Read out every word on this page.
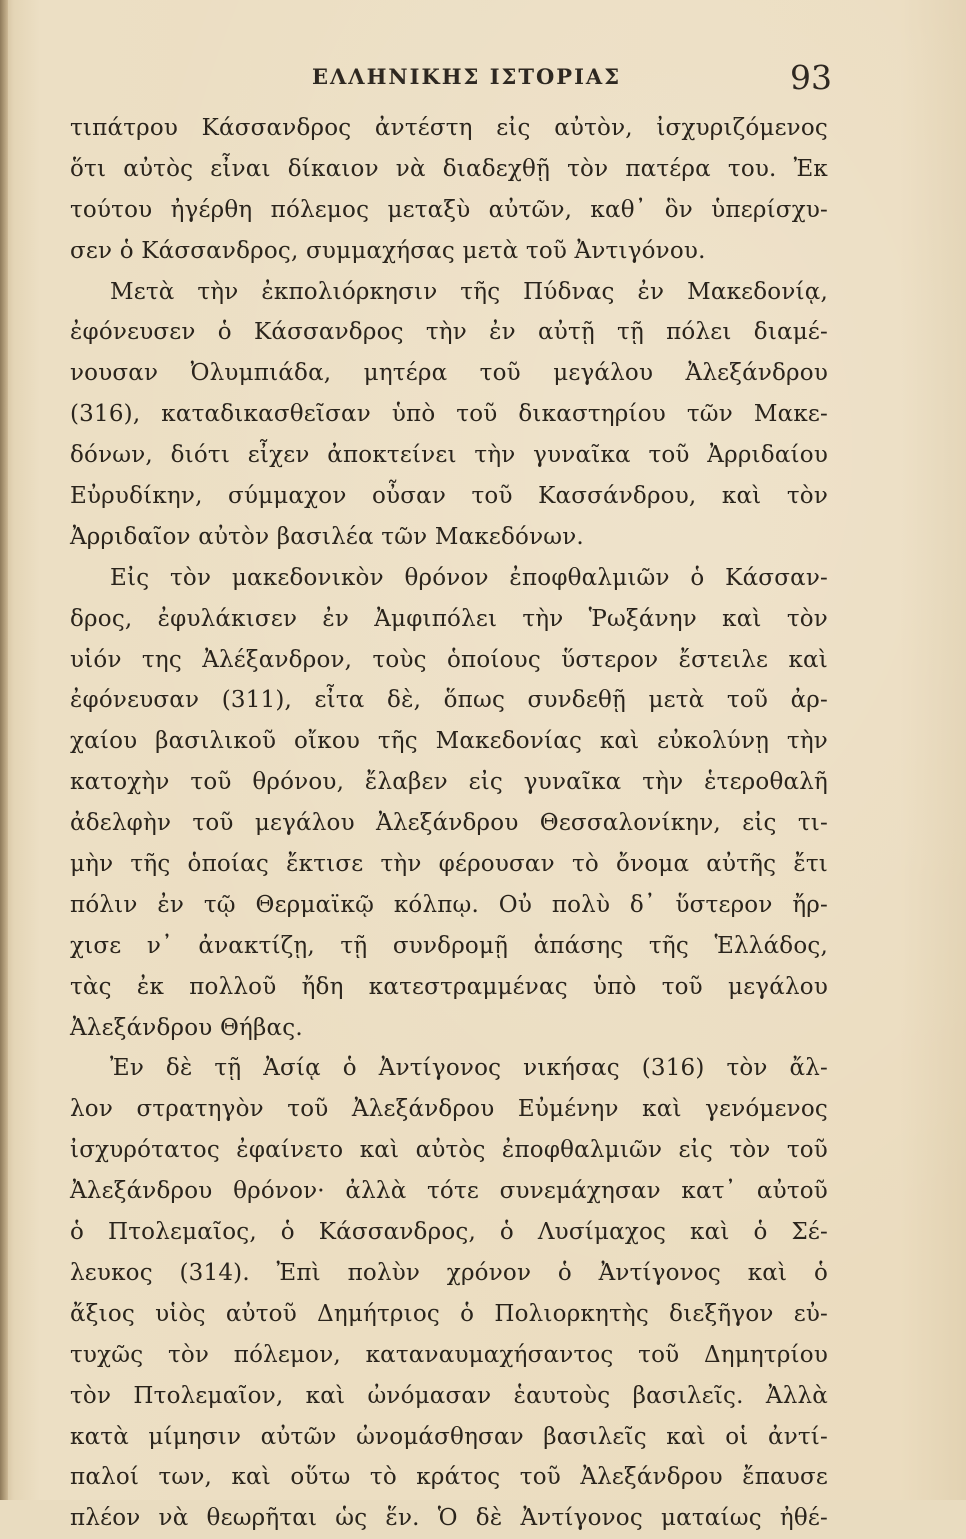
ΕΛΛΗΝΙΚΗΣ ΙΣΤΟΡΙΑΣ	93
τιπάτρου Κάσσανδρος ἀντέστη εἰς αὐτὸν, ἰσχυριζόμενος
ὅτι αὐτὸς εἶναι δίκαιον νὰ διαδεχθῇ τὸν πατέρα του. Ἐκ
τούτου ἠγέρθη πόλεμος μεταξὺ αὐτῶν, καθ᾽ ὃν ὑπερίσχυ-
σεν ὁ Κάσσανδρος, συμμαχήσας μετὰ τοῦ Ἀντιγόνου.
Μετὰ τὴν ἐκπολιόρκησιν τῆς Πύδνας ἐν Μακεδονίᾳ,
ἐφόνευσεν ὁ Κάσσανδρος τὴν ἐν αὐτῇ τῇ πόλει διαμέ-
νουσαν Ὀλυμπιάδα, μητέρα τοῦ μεγάλου Ἀλεξάνδρου
(316), καταδικασθεῖσαν ὑπὸ τοῦ δικαστηρίου τῶν Μακε-
δόνων, διότι εἶχεν ἀποκτείνει τὴν γυναῖκα τοῦ Ἀρριδαίου
Εὐρυδίκην, σύμμαχον οὖσαν τοῦ Κασσάνδρου, καὶ τὸν
Ἀρριδαῖον αὐτὸν βασιλέα τῶν Μακεδόνων.
Εἰς τὸν μακεδονικὸν θρόνον ἐποφθαλμιῶν ὁ Κάσσαν-
δρος, ἐφυλάκισεν ἐν Ἀμφιπόλει τὴν Ῥωξάνην καὶ τὸν
υἱόν της Ἀλέξανδρον, τοὺς ὁποίους ὕστερον ἔστειλε καὶ
ἐφόνευσαν (311), εἶτα δὲ, ὅπως συνδεθῇ μετὰ τοῦ ἀρ-
χαίου βασιλικοῦ οἴκου τῆς Μακεδονίας καὶ εὐκολύνῃ τὴν
κατοχὴν τοῦ θρόνου, ἔλαβεν εἰς γυναῖκα τὴν ἑτεροθαλῆ
ἀδελφὴν τοῦ μεγάλου Ἀλεξάνδρου Θεσσαλονίκην, εἰς τι-
μὴν τῆς ὁποίας ἔκτισε τὴν φέρουσαν τὸ ὄνομα αὐτῆς ἔτι
πόλιν ἐν τῷ Θερμαϊκῷ κόλπῳ. Οὐ πολὺ δ᾽ ὕστερον ἤρ-
χισε ν᾽ ἀνακτίζῃ, τῇ συνδρομῇ ἁπάσης τῆς Ἑλλάδος,
τὰς ἐκ πολλοῦ ἤδη κατεστραμμένας ὑπὸ τοῦ μεγάλου
Ἀλεξάνδρου Θήβας.
Ἐν δὲ τῇ Ἀσίᾳ ὁ Ἀντίγονος νικήσας (316) τὸν ἄλ-
λον στρατηγὸν τοῦ Ἀλεξάνδρου Εὐμένην καὶ γενόμενος
ἰσχυρότατος ἐφαίνετο καὶ αὐτὸς ἐποφθαλμιῶν εἰς τὸν τοῦ
Ἀλεξάνδρου θρόνον· ἀλλὰ τότε συνεμάχησαν κατ᾽ αὐτοῦ
ὁ Πτολεμαῖος, ὁ Κάσσανδρος, ὁ Λυσίμαχος καὶ ὁ Σέ-
λευκος (314). Ἐπὶ πολὺν χρόνον ὁ Ἀντίγονος καὶ ὁ
ἄξιος υἱὸς αὐτοῦ Δημήτριος ὁ Πολιορκητὴς διεξῆγον εὐ-
τυχῶς τὸν πόλεμον, καταναυμαχήσαντος τοῦ Δημητρίου
τὸν Πτολεμαῖον, καὶ ὠνόμασαν ἑαυτοὺς βασιλεῖς. Ἀλλὰ
κατὰ μίμησιν αὐτῶν ὠνομάσθησαν βασιλεῖς καὶ οἱ ἀντί-
παλοί των, καὶ οὕτω τὸ κράτος τοῦ Ἀλεξάνδρου ἔπαυσε
πλέον νὰ θεωρῆται ὡς ἕν. Ὁ δὲ Ἀντίγονος ματαίως ἠθέ-
